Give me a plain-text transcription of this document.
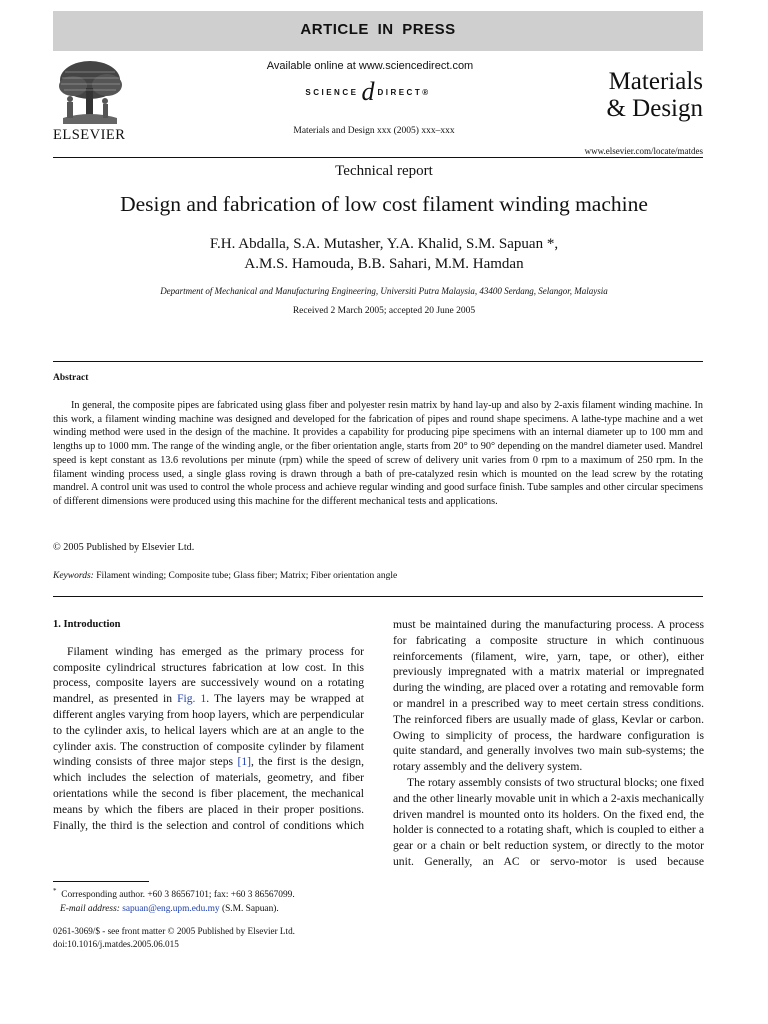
ARTICLE IN PRESS
ELSEVIER
Available online at www.sciencedirect.com
SCIENCE d DIRECT®
Materials and Design xxx (2005) xxx–xxx
Materials
& Design
www.elsevier.com/locate/matdes
Technical report
Design and fabrication of low cost filament winding machine
F.H. Abdalla, S.A. Mutasher, Y.A. Khalid, S.M. Sapuan *,
A.M.S. Hamouda, B.B. Sahari, M.M. Hamdan
Department of Mechanical and Manufacturing Engineering, Universiti Putra Malaysia, 43400 Serdang, Selangor, Malaysia
Received 2 March 2005; accepted 20 June 2005
Abstract
In general, the composite pipes are fabricated using glass fiber and polyester resin matrix by hand lay-up and also by 2-axis filament winding machine. In this work, a filament winding machine was designed and developed for the fabrication of pipes and round shape specimens. A lathe-type machine and a wet winding method were used in the design of the machine. It provides a capability for producing pipe specimens with an internal diameter up to 100 mm and lengths up to 1000 mm. The range of the winding angle, or the fiber orientation angle, starts from 20° to 90° depending on the mandrel diameter used. Mandrel speed is kept constant as 13.6 revolutions per minute (rpm) while the speed of screw of delivery unit varies from 0 rpm to a maximum of 250 rpm. In the filament winding process used, a single glass roving is drawn through a bath of pre-catalyzed resin which is mounted on the lead screw by the rotating mandrel. A control unit was used to control the whole process and achieve regular winding and good surface finish. Tube samples and other circular specimens of different dimensions were produced using this machine for the different mechanical tests and applications.
© 2005 Published by Elsevier Ltd.
Keywords: Filament winding; Composite tube; Glass fiber; Matrix; Fiber orientation angle
1. Introduction

Filament winding has emerged as the primary process for composite cylindrical structures fabrication at low cost. In this process, composite layers are successively wound on a rotating mandrel, as presented in Fig. 1. The layers may be wrapped at different angles varying from hoop layers, which are perpendicular to the cylinder axis, to helical layers which are at an angle to the cylinder axis. The construction of composite cylinder by filament winding consists of three major steps [1], the first is the design, which includes the selection of materials, geometry, and fiber orientations while the second is fiber placement, the mechanical means by which the fibers are placed in their proper positions. Finally, the third is the selection and control of conditions which

must be maintained during the manufacturing process. A process for fabricating a composite structure in which continuous reinforcements (filament, wire, yarn, tape, or other), either previously impregnated with a matrix material or impregnated during the winding, are placed over a rotating and removable form or mandrel in a prescribed way to meet certain stress conditions. The reinforced fibers are usually made of glass, Kevlar or carbon. Owing to simplicity of process, the hardware configuration is quite standard, and generally involves two main sub-systems; the rotary assembly and the delivery system.

The rotary assembly consists of two structural blocks; one fixed and the other linearly movable unit in which a 2-axis mechanically driven mandrel is mounted onto its holders. On the fixed end, the holder is connected to a rotating shaft, which is coupled to either a gear or a chain or belt reduction system, or directly to the motor unit. Generally, an AC or servo-motor is used because

* Corresponding author. +60 3 86567101; fax: +60 3 86567099.
E-mail address: sapuan@eng.upm.edu.my (S.M. Sapuan).
0261-3069/$ - see front matter © 2005 Published by Elsevier Ltd.
doi:10.1016/j.matdes.2005.06.015
